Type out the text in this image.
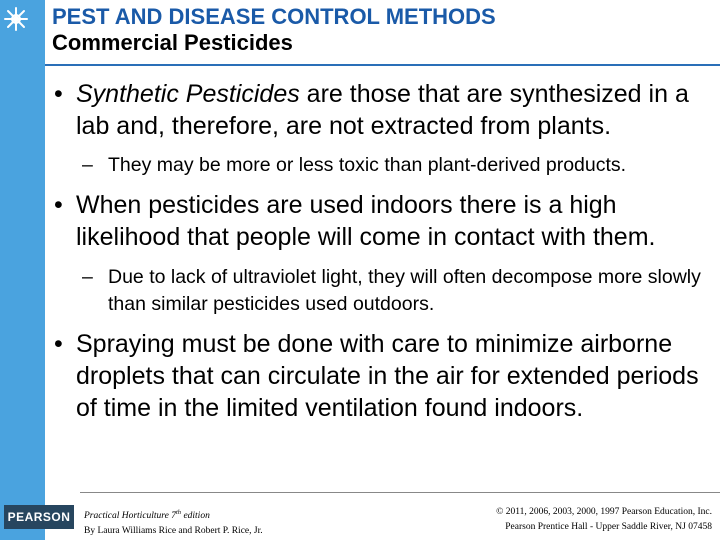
PEST AND DISEASE CONTROL METHODS
Commercial Pesticides
• Synthetic Pesticides are those that are synthesized in a lab and, therefore, are not extracted from plants.
– They may be more or less toxic than plant-derived products.
• When pesticides are used indoors there is a high likelihood that people will come in contact with them.
– Due to lack of ultraviolet light, they will often decompose more slowly than similar pesticides used outdoors.
• Spraying must be done with care to minimize airborne droplets that can circulate in the air for extended periods of time in the limited ventilation found indoors.
PEARSON	Practical Horticulture 7th edition
By Laura Williams Rice and Robert P. Rice, Jr.
© 2011, 2006, 2003, 2000, 1997 Pearson Education, Inc.
Pearson Prentice Hall - Upper Saddle River, NJ 07458
